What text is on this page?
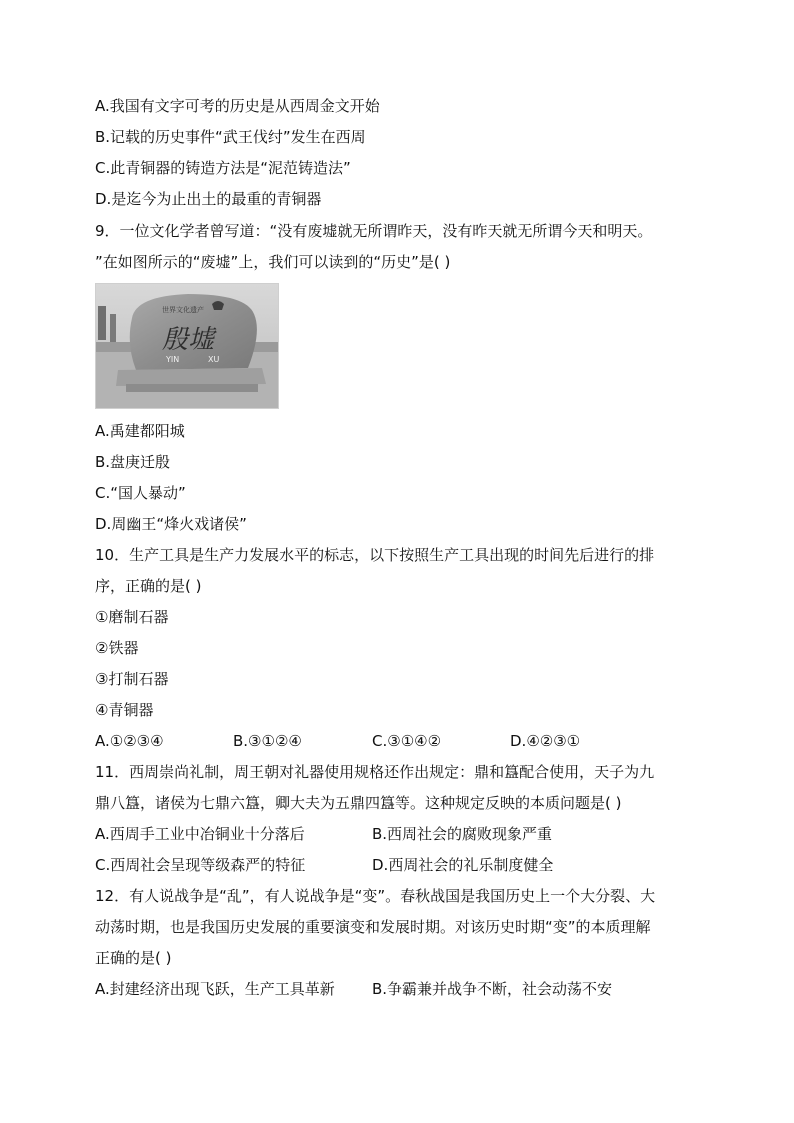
A.我国有文字可考的历史是从西周金文开始
B.记载的历史事件“武王伐纣”发生在西周
C.此青铜器的铸造方法是“泥范铸造法”
D.是迄今为止出土的最重的青铜器
9．一位文化学者曾写道：“没有废墟就无所谓昨天，没有昨天就无所谓今天和明天。
”在如图所示的“废墟”上，我们可以读到的“历史”是( )
世界文化遗产
殷墟
YIN	XU
A.禹建都阳城
B.盘庚迁殷
C.“国人暴动”
D.周幽王“烽火戏诸侯”
10．生产工具是生产力发展水平的标志，以下按照生产工具出现的时间先后进行的排
序，正确的是( )
①磨制石器
②铁器
③打制石器
④青铜器
A.①②③④	B.③①②④	C.③①④②	D.④②③①
11．西周崇尚礼制，周王朝对礼器使用规格还作出规定：鼎和簋配合使用，天子为九
鼎八簋，诸侯为七鼎六簋，卿大夫为五鼎四簋等。这种规定反映的本质问题是( )
A.西周手工业中冶铜业十分落后	B.西周社会的腐败现象严重
C.西周社会呈现等级森严的特征	D.西周社会的礼乐制度健全
12．有人说战争是“乱”，有人说战争是“变”。春秋战国是我国历史上一个大分裂、大
动荡时期，也是我国历史发展的重要演变和发展时期。对该历史时期“变”的本质理解
正确的是( )
A.封建经济出现飞跃，生产工具革新 B.争霸兼并战争不断，社会动荡不安
